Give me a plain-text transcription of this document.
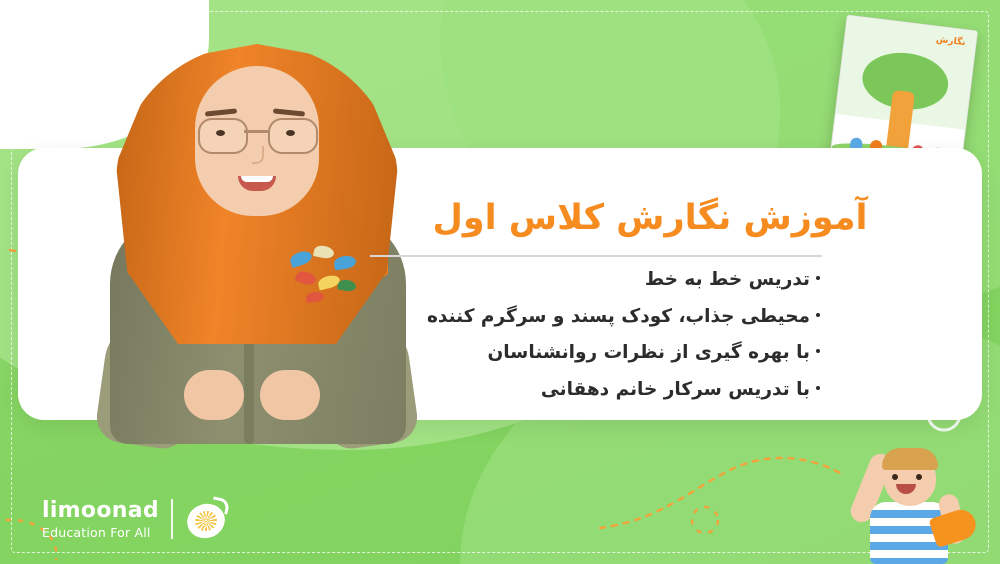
نگارش
آموزش نگارش کلاس اول
تدریس خط به خط
محیطی جذاب، کودک پسند و سرگرم کننده
با بهره گیری از نظرات روانشناسان
با تدریس سرکار خانم دهقانی
limoonad
Education For All
